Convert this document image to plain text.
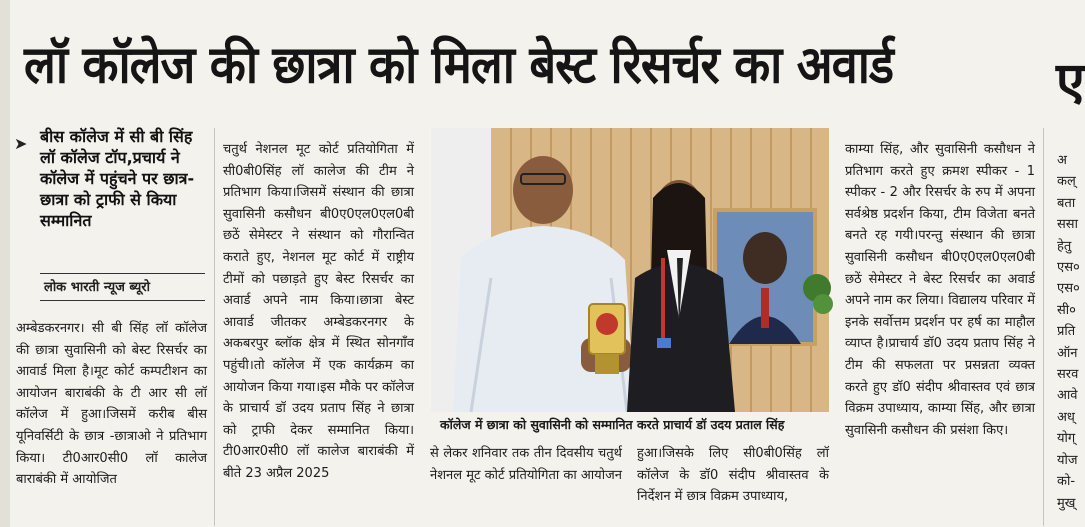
लॉ कॉलेज की छात्रा को मिला बेस्ट रिसर्चर का अवार्ड	ए
➤ बीस कॉलेज में सी बी सिंह लॉ कॉलेज टॉप,प्रचार्य ने कॉलेज में पहुंचने पर छात्र-छात्रा को ट्राफी से किया सम्मानित
लोक भारती न्यूज ब्यूरो
अम्बेडकरनगर। सी बी सिंह लॉ कॉलेज की छात्रा सुवासिनी को बेस्ट रिसर्चर का आवार्ड मिला है।मूट कोर्ट कम्पटीशन का आयोजन बाराबंकी के टी आर सी लॉ कॉलेज में हुआ।जिसमें करीब बीस यूनिवर्सिटी के छात्र -छात्राओ ने प्रतिभाग किया। टी0आर0सी0 लॉ कालेज बाराबंकी में आयोजित
चतुर्थ नेशनल मूट कोर्ट प्रतियोगिता में सी0बी0सिंह लॉ कालेज की टीम ने प्रतिभाग किया।जिसमें संस्थान की छात्रा सुवासिनी कसौधन बी0ए0एल0एल0बी छठें सेमेस्टर ने संस्थान को गौरान्वित कराते हुए, नेशनल मूट कोर्ट में राष्ट्रीय टीमों को पछाड़ते हुए बेस्ट रिसर्चर का अवार्ड अपने नाम किया।छात्रा बेस्ट आवार्ड जीतकर अम्बेडकरनगर के अकबरपुर ब्लॉक क्षेत्र में स्थित सोनगाँव पहुंची।तो कॉलेज में एक कार्यक्रम का आयोजन किया गया।इस मौके पर कॉलेज के प्राचार्य डॉ उदय प्रताप सिंह ने छात्रा को ट्राफी देकर सम्मानित किया।टी0आर0सी0 लॉ कालेज बाराबंकी में बीते 23 अप्रैल 2025
कॉलेज में छात्रा को सुवासिनी को सम्मानित करते प्राचार्य डॉ उदय प्रताल सिंह
से लेकर शनिवार तक तीन दिवसीय चतुर्थ नेशनल मूट कोर्ट प्रतियोगिता का आयोजन
हुआ।जिसके लिए सी0बी0सिंह लॉ कॉलेज के डॉ0 संदीप श्रीवास्तव के निर्देशन में छात्र विक्रम उपाध्याय,
काम्या सिंह, और सुवासिनी कसौधन ने प्रतिभाग करते हुए क्रमश स्पीकर - 1 स्पीकर - 2 और रिसर्चर के रुप में अपना सर्वश्रेष्ठ प्रदर्शन किया, टीम विजेता बनते बनते रह गयी।परन्तु संस्थान की छात्रा सुवासिनी कसौधन बी0ए0एल0एल0बी छठें सेमेस्टर ने बेस्ट रिसर्चर का अवार्ड अपने नाम कर लिया। विद्यालय परिवार में इनके सर्वोत्तम प्रदर्शन पर हर्ष का माहौल व्याप्त है।प्राचार्य डॉ0 उदय प्रताप सिंह ने टीम की सफलता पर प्रसन्नता व्यक्त करते हुए डॉ0 संदीप श्रीवास्तव एवं छात्र विक्रम उपाध्याय, काम्या सिंह, और छात्रा सुवासिनी कसौधन की प्रसंशा किए।
अ
कल्
बता
ससा
हेतु
एस०
एस०
सी०
प्रति
ऑन
सरव
आवे
अध्
योग्
योज
को-
मुख्
